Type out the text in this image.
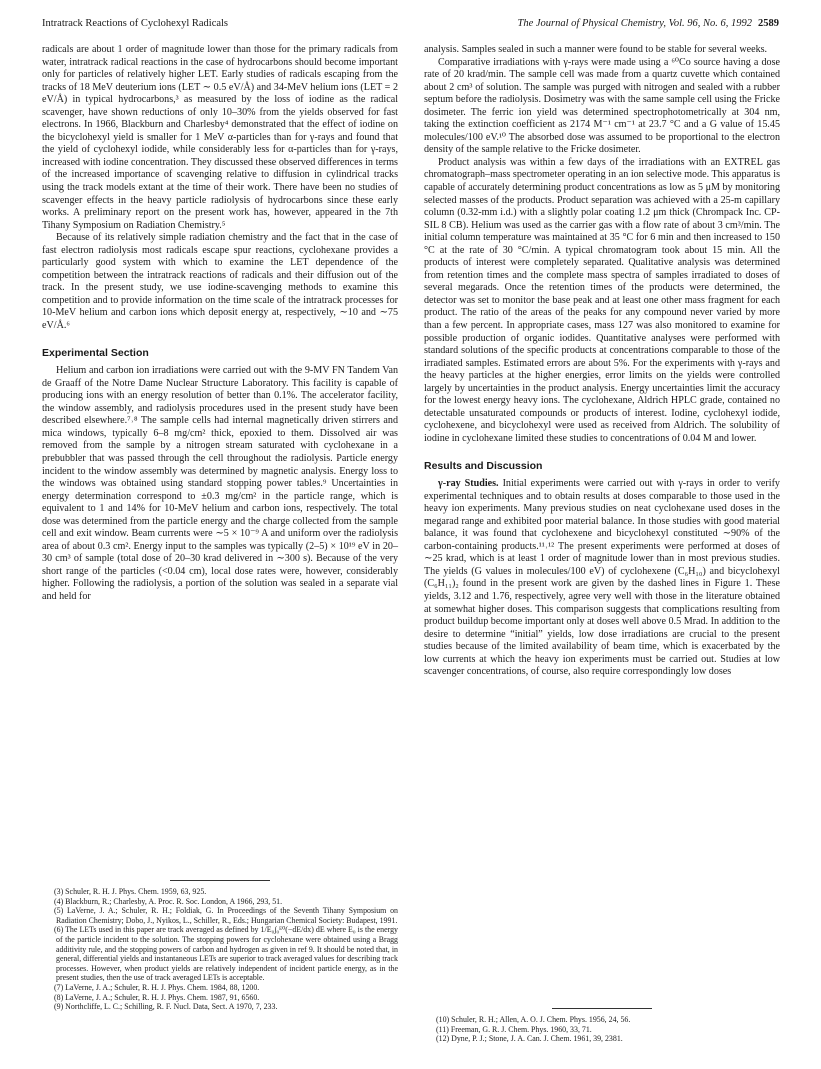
Intratrack Reactions of Cyclohexyl Radicals	The Journal of Physical Chemistry, Vol. 96, No. 6, 1992 2589

radicals are about 1 order of magnitude lower than those for the primary radicals from water, intratrack radical reactions in the case of hydrocarbons should become important only for particles of relatively higher LET. Early studies of radicals escaping from the tracks of 18 MeV deuterium ions (LET ∼ 0.5 eV/Å) and 34-MeV helium ions (LET = 2 eV/Å) in typical hydrocarbons,³ as measured by the loss of iodine as the radical scavenger, have shown reductions of only 10–30% from the yields observed for fast electrons. In 1966, Blackburn and Charlesby⁴ demonstrated that the effect of iodine on the bicyclohexyl yield is smaller for 1 MeV α-particles than for γ-rays and found that the yield of cyclohexyl iodide, while considerably less for α-particles than for γ-rays, increased with iodine concentration. They discussed these observed differences in terms of the increased importance of scavenging relative to diffusion in cylindrical tracks using the track models extant at the time of their work. There have been no studies of scavenger effects in the heavy particle radiolysis of hydrocarbons since these early works. A preliminary report on the present work has, however, appeared in the 7th Tihany Symposium on Radiation Chemistry.⁵

Because of its relatively simple radiation chemistry and the fact that in the case of fast electron radiolysis most radicals escape spur reactions, cyclohexane provides a particularly good system with which to examine the LET dependence of the competition between the intratrack reactions of radicals and their diffusion out of the track. In the present study, we use iodine-scavenging methods to examine this competition and to provide information on the time scale of the intratrack processes for 10-MeV helium and carbon ions which deposit energy at, respectively, ∼10 and ∼75 eV/Å.⁶

Experimental Section

Helium and carbon ion irradiations were carried out with the 9-MV FN Tandem Van de Graaff of the Notre Dame Nuclear Structure Laboratory. This facility is capable of producing ions with an energy resolution of better than 0.1%. The accelerator facility, the window assembly, and radiolysis procedures used in the present study have been described elsewhere.⁷˒⁸ The sample cells had internal magnetically driven stirrers and mica windows, typically 6–8 mg/cm² thick, epoxied to them. Dissolved air was removed from the sample by a nitrogen stream saturated with cyclohexane in a prebubbler that was passed through the cell throughout the radiolysis. Particle energy incident to the window assembly was determined by magnetic analysis. Energy loss to the windows was obtained using standard stopping power tables.⁹ Uncertainties in energy determination correspond to ±0.3 mg/cm² in the particle range, which is equivalent to 1 and 14% for 10-MeV helium and carbon ions, respectively. The total dose was determined from the particle energy and the charge collected from the sample cell and exit window. Beam currents were ∼5 × 10⁻⁹ A and uniform over the radiolysis area of about 0.3 cm². Energy input to the samples was typically (2–5) × 10¹⁹ eV in 20–30 cm³ of sample (total dose of 20–30 krad delivered in ∼300 s). Because of the very short range of the particles (<0.04 cm), local dose rates were, however, considerably higher. Following the radiolysis, a portion of the solution was sealed in a separate vial and held for

(3) Schuler, R. H. J. Phys. Chem. 1959, 63, 925.
(4) Blackburn, R.; Charlesby, A. Proc. R. Soc. London, A 1966, 293, 51.
(5) LaVerne, J. A.; Schuler, R. H.; Foldiak, G. In Proceedings of the Seventh Tihany Symposium on Radiation Chemistry; Dobo, J., Nyikos, L., Schiller, R., Eds.; Hungarian Chemical Society: Budapest, 1991.
(6) The LETs used in this paper are track averaged as defined by 1/E₀∫₀ᴱ⁰(−dE/dx) dE where E₀ is the energy of the particle incident to the solution. The stopping powers for cyclohexane were obtained using a Bragg additivity rule, and the stopping powers of carbon and hydrogen as given in ref 9. It should be noted that, in general, differential yields and instantaneous LETs are superior to track averaged values for describing track processes. However, when product yields are relatively independent of incident particle energy, as in the present studies, then the use of track averaged LETs is acceptable.
(7) LaVerne, J. A.; Schuler, R. H. J. Phys. Chem. 1984, 88, 1200.
(8) LaVerne, J. A.; Schuler, R. H. J. Phys. Chem. 1987, 91, 6560.
(9) Northcliffe, L. C.; Schilling, R. F. Nucl. Data, Sect. A 1970, 7, 233.

analysis. Samples sealed in such a manner were found to be stable for several weeks.

Comparative irradiations with γ-rays were made using a ⁶⁰Co source having a dose rate of 20 krad/min. The sample cell was made from a quartz cuvette which contained about 2 cm³ of solution. The sample was purged with nitrogen and sealed with a rubber septum before the radiolysis. Dosimetry was with the same sample cell using the Fricke dosimeter. The ferric ion yield was determined spectrophotometrically at 304 nm, taking the extinction coefficient as 2174 M⁻¹ cm⁻¹ at 23.7 °C and a G value of 15.45 molecules/100 eV.¹⁰ The absorbed dose was assumed to be proportional to the electron density of the sample relative to the Fricke dosimeter.

Product analysis was within a few days of the irradiations with an EXTREL gas chromatograph–mass spectrometer operating in an ion selective mode. This apparatus is capable of accurately determining product concentrations as low as 5 μM by monitoring selected masses of the products. Product separation was achieved with a 25-m capillary column (0.32-mm i.d.) with a slightly polar coating 1.2 μm thick (Chrompack Inc. CP-SIL 8 CB). Helium was used as the carrier gas with a flow rate of about 3 cm³/min. The initial column temperature was maintained at 35 °C for 6 min and then increased to 150 °C at the rate of 30 °C/min. A typical chromatogram took about 15 min. All the products of interest were completely separated. Qualitative analysis was determined from retention times and the complete mass spectra of samples irradiated to doses of several megarads. Once the retention times of the products were determined, the detector was set to monitor the base peak and at least one other mass fragment for each product. The ratio of the areas of the peaks for any compound never varied by more than a few percent. In appropriate cases, mass 127 was also monitored to examine for possible production of organic iodides. Quantitative analyses were performed with standard solutions of the specific products at concentrations comparable to those of the irradiated samples. Estimated errors are about 5%. For the experiments with γ-rays and the heavy particles at the higher energies, error limits on the yields were controlled largely by uncertainties in the product analysis. Energy uncertainties limit the accuracy for the lowest energy heavy ions. The cyclohexane, Aldrich HPLC grade, contained no detectable unsaturated compounds or products of interest. Iodine, cyclohexyl iodide, cyclohexene, and bicyclohexyl were used as received from Aldrich. The solubility of iodine in cyclohexane limited these studies to concentrations of 0.04 M and lower.

Results and Discussion

γ-ray Studies. Initial experiments were carried out with γ-rays in order to verify experimental techniques and to obtain results at doses comparable to those used in the heavy ion experiments. Many previous studies on neat cyclohexane used doses in the megarad range and exhibited poor material balance. In those studies with good material balance, it was found that cyclohexene and bicyclohexyl constituted ∼90% of the carbon-containing products.¹¹˒¹² The present experiments were performed at doses of ∼25 krad, which is at least 1 order of magnitude lower than in most previous studies. The yields (G values in molecules/100 eV) of cyclohexene (C₆H₁₀) and bicyclohexyl (C₆H₁₁)₂ found in the present work are given by the dashed lines in Figure 1. These yields, 3.12 and 1.76, respectively, agree very well with those in the literature obtained at somewhat higher doses. This comparison suggests that complications resulting from product buildup become important only at doses well above 0.5 Mrad. In addition to the desire to determine “initial” yields, low dose irradiations are crucial to the present studies because of the limited availability of beam time, which is exacerbated by the low currents at which the heavy ion experiments must be carried out. Studies at low scavenger concentrations, of course, also require correspondingly low doses

(10) Schuler, R. H.; Allen, A. O. J. Chem. Phys. 1956, 24, 56.
(11) Freeman, G. R. J. Chem. Phys. 1960, 33, 71.
(12) Dyne, P. J.; Stone, J. A. Can. J. Chem. 1961, 39, 2381.
